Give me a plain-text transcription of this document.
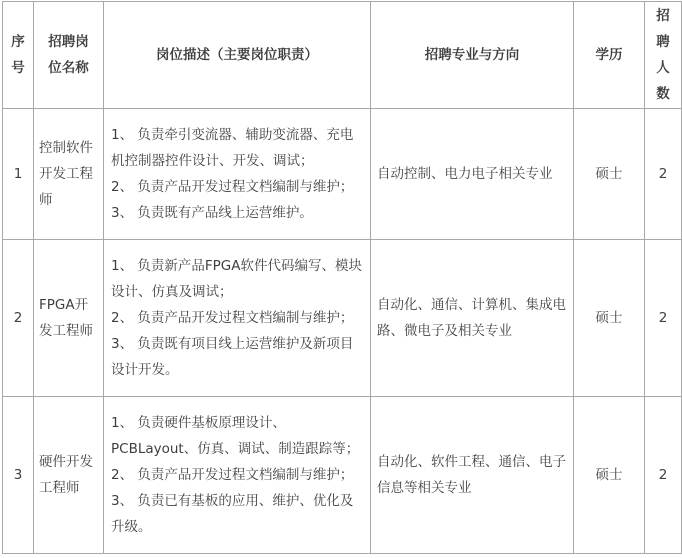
序号	招聘岗位名称	岗位描述（主要岗位职责）	招聘专业与方向	学历	招聘人数
1	控制软件开发工程师	1、 负责牵引变流器、辅助变流器、充电机控制器控件设计、开发、调试；
2、 负责产品开发过程文档编制与维护；
3、 负责既有产品线上运营维护。	自动控制、电力电子相关专业	硕士	2
2	FPGA开发工程师	1、 负责新产品FPGA软件代码编写、模块设计、仿真及调试；
2、 负责产品开发过程文档编制与维护；
3、 负责既有项目线上运营维护及新项目设计开发。	自动化、通信、计算机、集成电路、微电子及相关专业	硕士	2
3	硬件开发工程师	1、 负责硬件基板原理设计、PCBLayout、仿真、调试、制造跟踪等；
2、 负责产品开发过程文档编制与维护；
3、 负责已有基板的应用、维护、优化及升级。	自动化、软件工程、通信、电子信息等相关专业	硕士	2
